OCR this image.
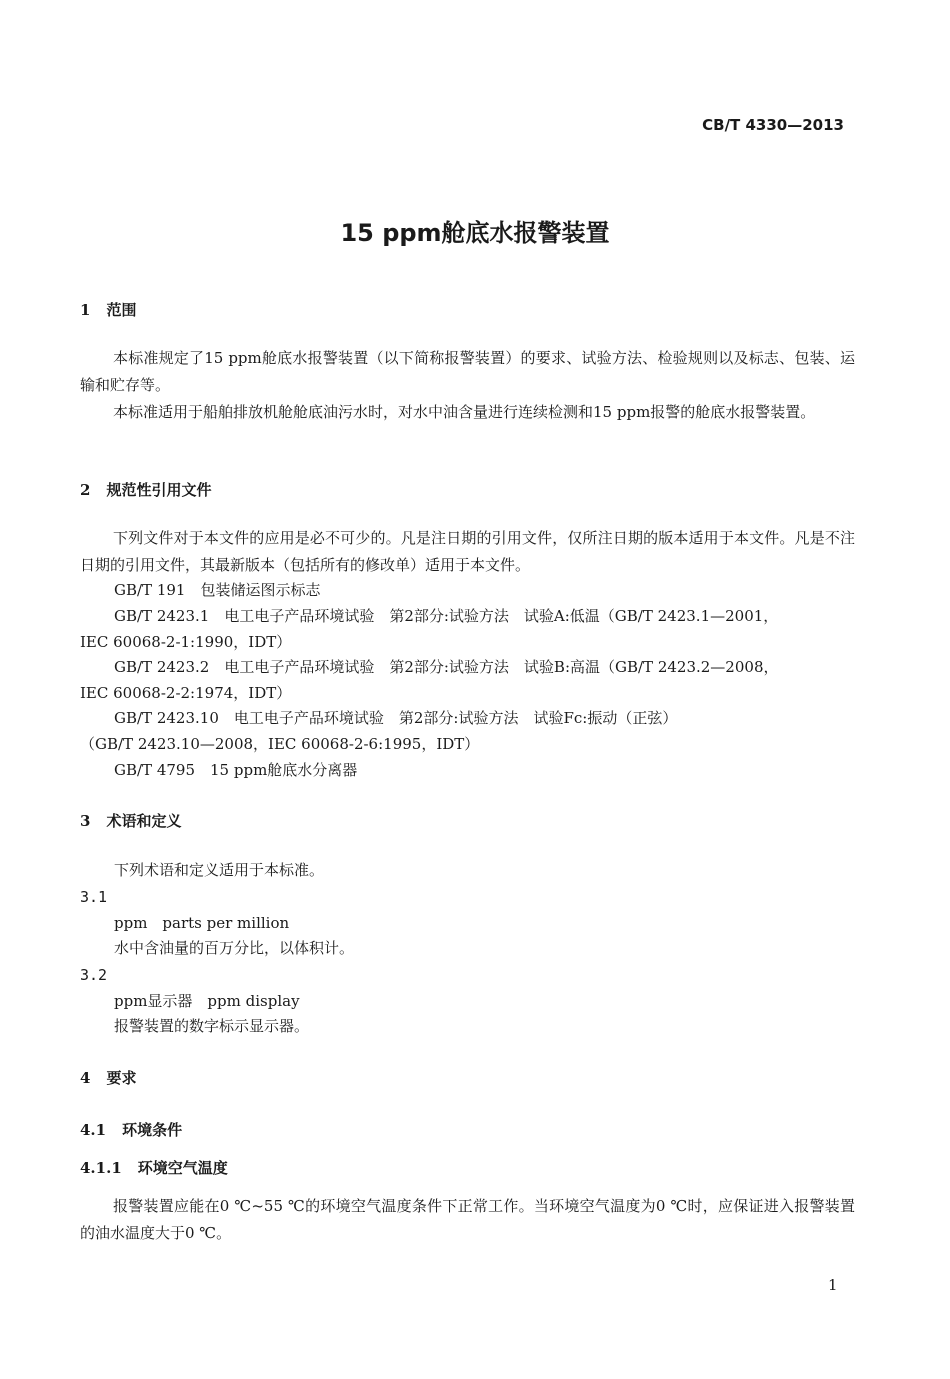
CB/T 4330—2013
15 ppm舱底水报警装置
1 范围
本标准规定了15 ppm舱底水报警装置（以下简称报警装置）的要求、试验方法、检验规则以及标志、包装、运输和贮存等。
本标准适用于船舶排放机舱舱底油污水时，对水中油含量进行连续检测和15 ppm报警的舱底水报警装置。
2 规范性引用文件
下列文件对于本文件的应用是必不可少的。凡是注日期的引用文件，仅所注日期的版本适用于本文件。凡是不注日期的引用文件，其最新版本（包括所有的修改单）适用于本文件。
GB/T 191　包装储运图示标志
GB/T 2423.1　电工电子产品环境试验　第2部分:试验方法　试验A:低温（GB/T 2423.1—2001，
IEC 60068-2-1:1990，IDT）
GB/T 2423.2　电工电子产品环境试验　第2部分:试验方法　试验B:高温（GB/T 2423.2—2008，
IEC 60068-2-2:1974，IDT）
GB/T 2423.10　电工电子产品环境试验　第2部分:试验方法　试验Fc:振动（正弦）
（GB/T 2423.10—2008，IEC 60068-2-6:1995，IDT）
GB/T 4795　15 ppm舱底水分离器
3 术语和定义
下列术语和定义适用于本标准。
3.1
ppm　parts per million
水中含油量的百万分比，以体积计。
3.2
ppm显示器　ppm display
报警装置的数字标示显示器。
4 要求
4.1 环境条件
4.1.1 环境空气温度
报警装置应能在0 ℃~55 ℃的环境空气温度条件下正常工作。当环境空气温度为0 ℃时，应保证进入报警装置的油水温度大于0 ℃。
1
